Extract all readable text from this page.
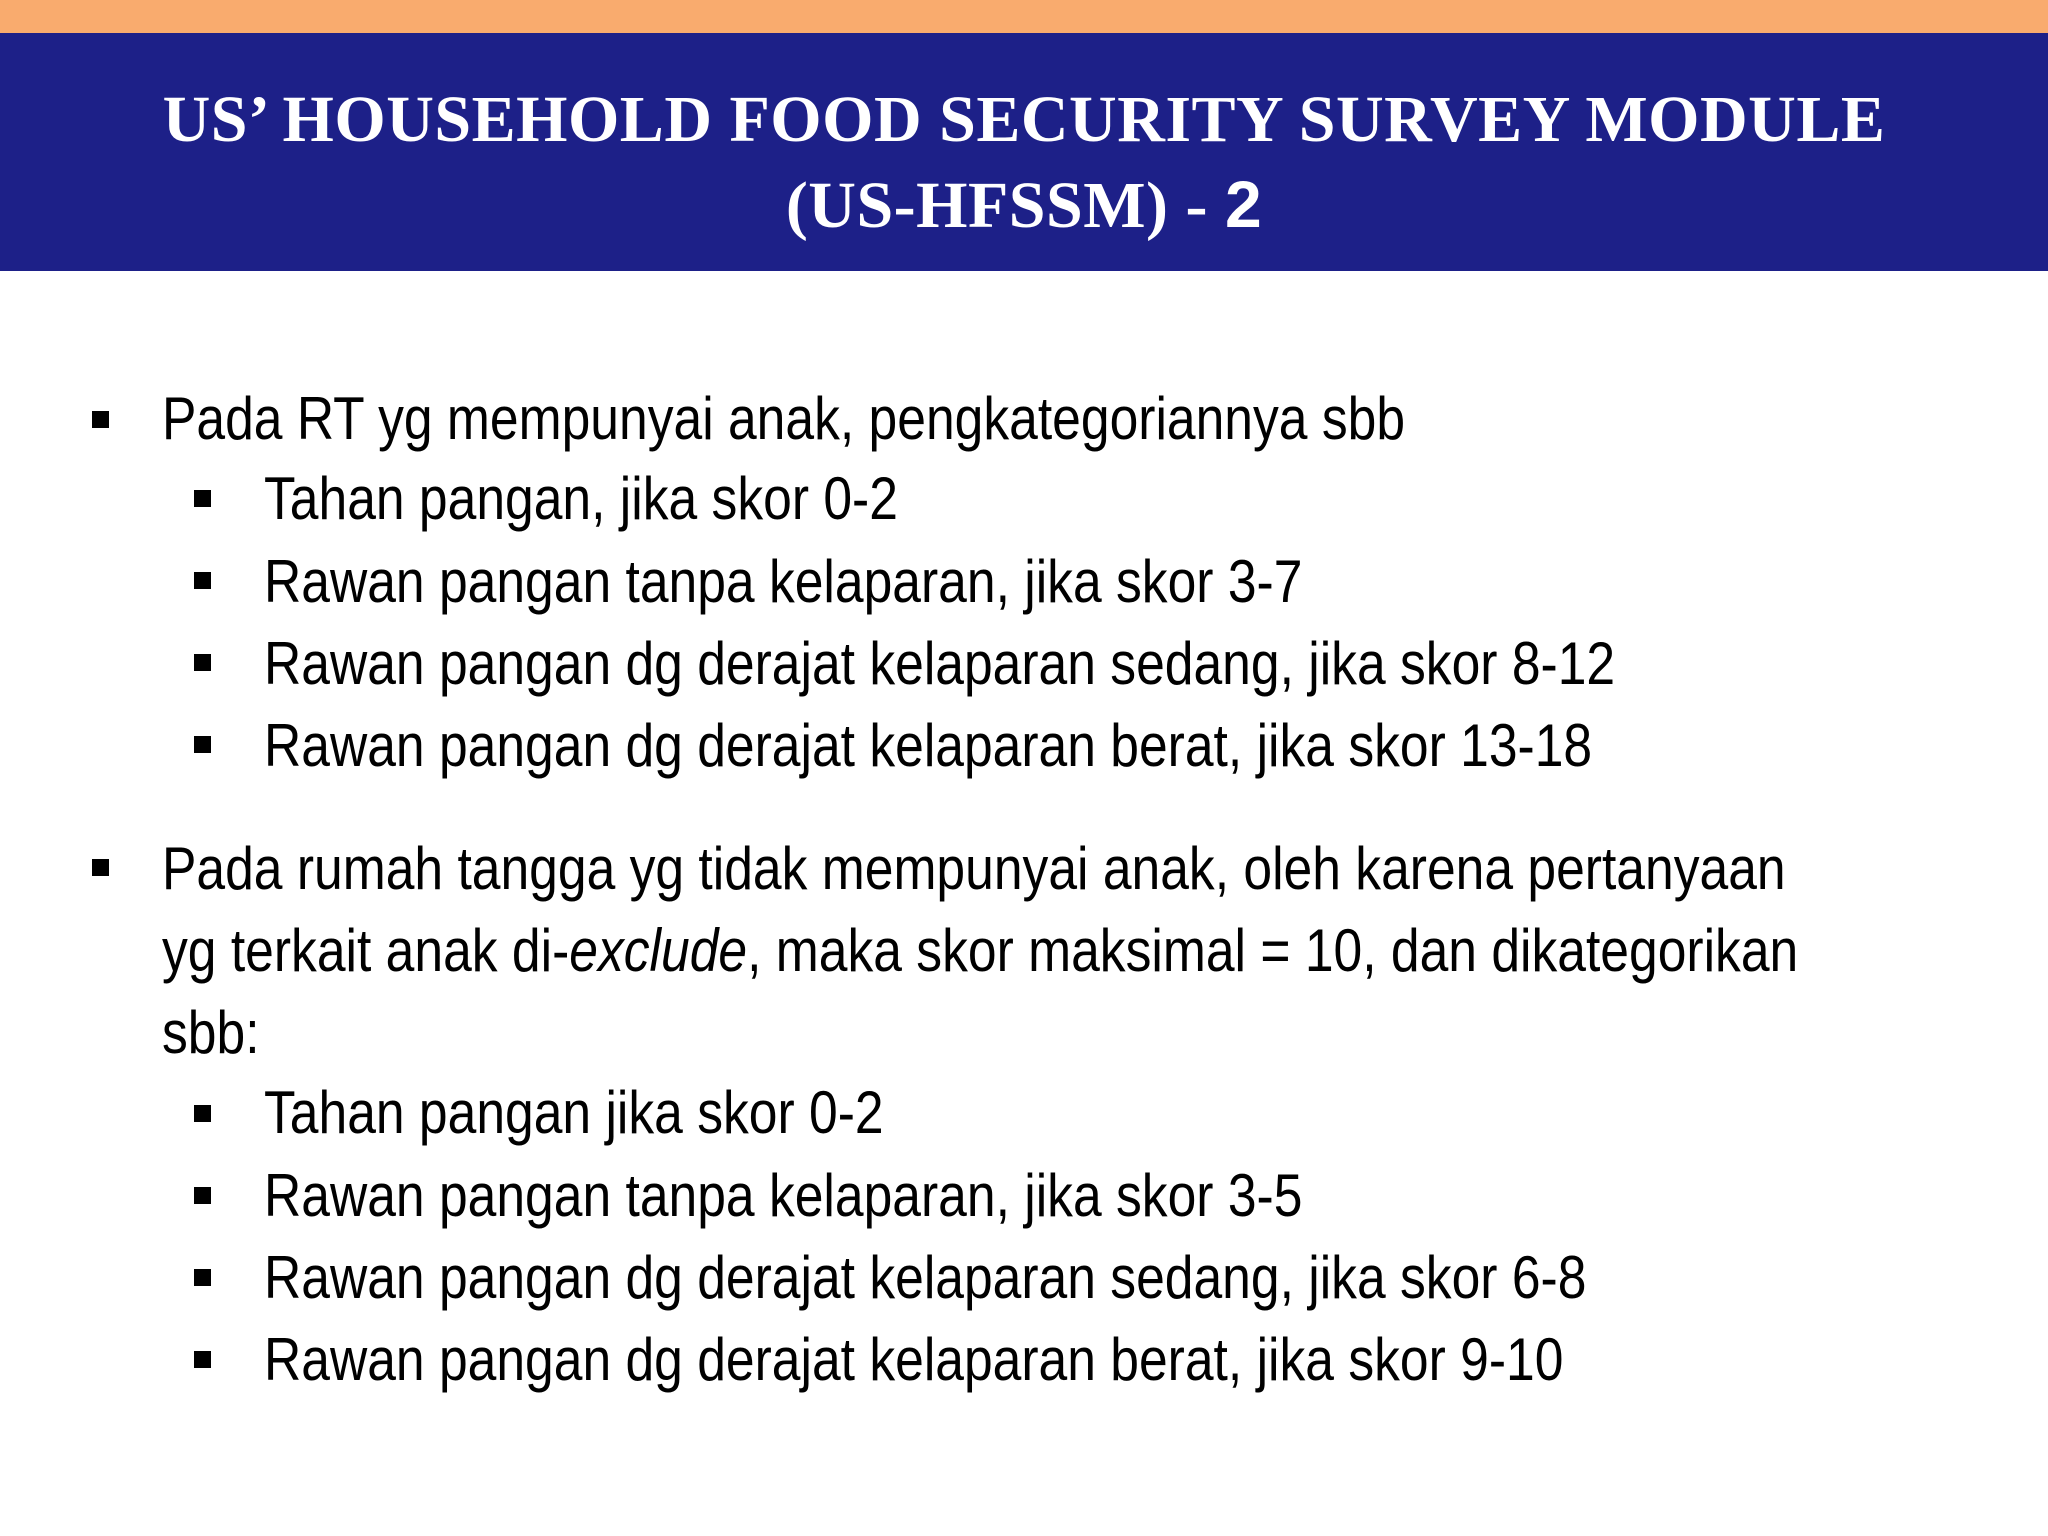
US’ HOUSEHOLD FOOD SECURITY SURVEY MODULE
(US-HFSSM) - 2
Pada RT yg mempunyai anak, pengkategoriannya sbb
Tahan pangan, jika skor 0-2
Rawan pangan tanpa kelaparan, jika skor 3-7
Rawan pangan dg derajat kelaparan sedang, jika skor 8-12
Rawan pangan dg derajat kelaparan berat, jika skor 13-18
Pada rumah tangga yg tidak mempunyai anak, oleh karena pertanyaan
yg terkait anak di-exclude, maka skor maksimal = 10, dan dikategorikan
sbb:
Tahan pangan jika skor 0-2
Rawan pangan tanpa kelaparan, jika skor 3-5
Rawan pangan dg derajat kelaparan sedang, jika skor 6-8
Rawan pangan dg derajat kelaparan berat, jika skor 9-10
